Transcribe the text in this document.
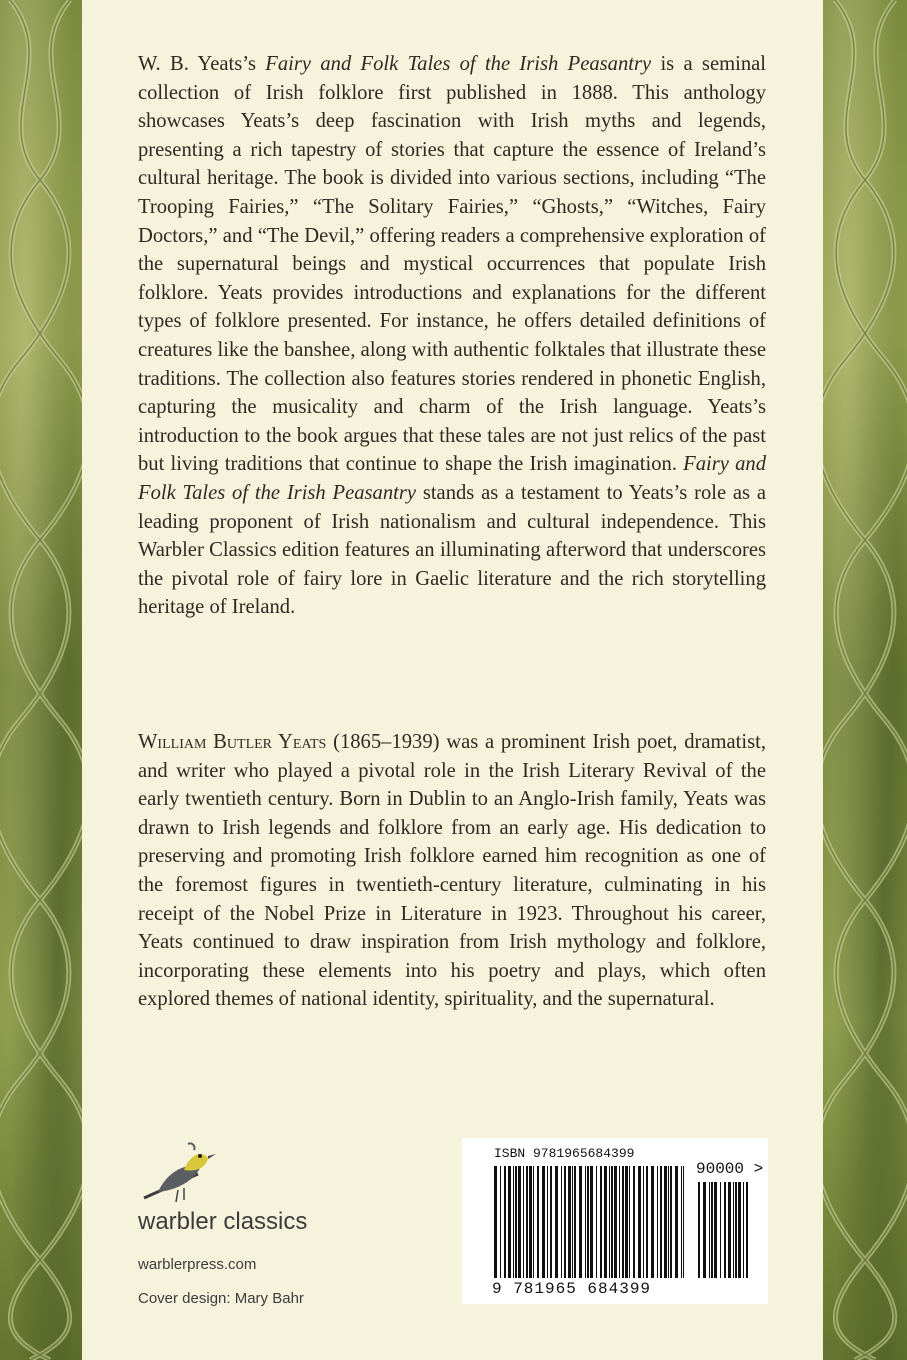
W. B. Yeats’s Fairy and Folk Tales of the Irish Peasantry is a seminal collection of Irish folklore first published in 1888. This anthology showcases Yeats’s deep fascination with Irish myths and legends, presenting a rich tapestry of stories that capture the essence of Ireland’s cultural heritage. The book is divided into various sections, including “The Trooping Fairies,” “The Solitary Fairies,” “Ghosts,” “Witches, Fairy Doctors,” and “The Devil,” offering readers a comprehensive exploration of the supernatural beings and mystical occurrences that populate Irish folklore. Yeats provides introductions and explanations for the different types of folklore presented. For instance, he offers detailed definitions of creatures like the banshee, along with authentic folktales that illustrate these traditions. The collection also features stories rendered in phonetic English, capturing the musicality and charm of the Irish language. Yeats’s introduction to the book argues that these tales are not just relics of the past but living traditions that continue to shape the Irish imagination. Fairy and Folk Tales of the Irish Peasantry stands as a testament to Yeats’s role as a leading proponent of Irish nationalism and cultural independence. This Warbler Classics edition features an illuminating afterword that underscores the pivotal role of fairy lore in Gaelic literature and the rich storytelling heritage of Ireland.

William Butler Yeats (1865–1939) was a prominent Irish poet, dramatist, and writer who played a pivotal role in the Irish Literary Revival of the early twentieth century. Born in Dublin to an Anglo-Irish family, Yeats was drawn to Irish legends and folklore from an early age. His dedication to preserving and promoting Irish folklore earned him recognition as one of the foremost figures in twentieth-century literature, culminating in his receipt of the Nobel Prize in Literature in 1923. Throughout his career, Yeats continued to draw inspiration from Irish mythology and folklore, incorporating these elements into his poetry and plays, which often explored themes of national identity, spirituality, and the supernatural.

warbler classics
warblerpress.com
Cover design: Mary Bahr
ISBN 9781965684399
90000 >
9 781965 684399
